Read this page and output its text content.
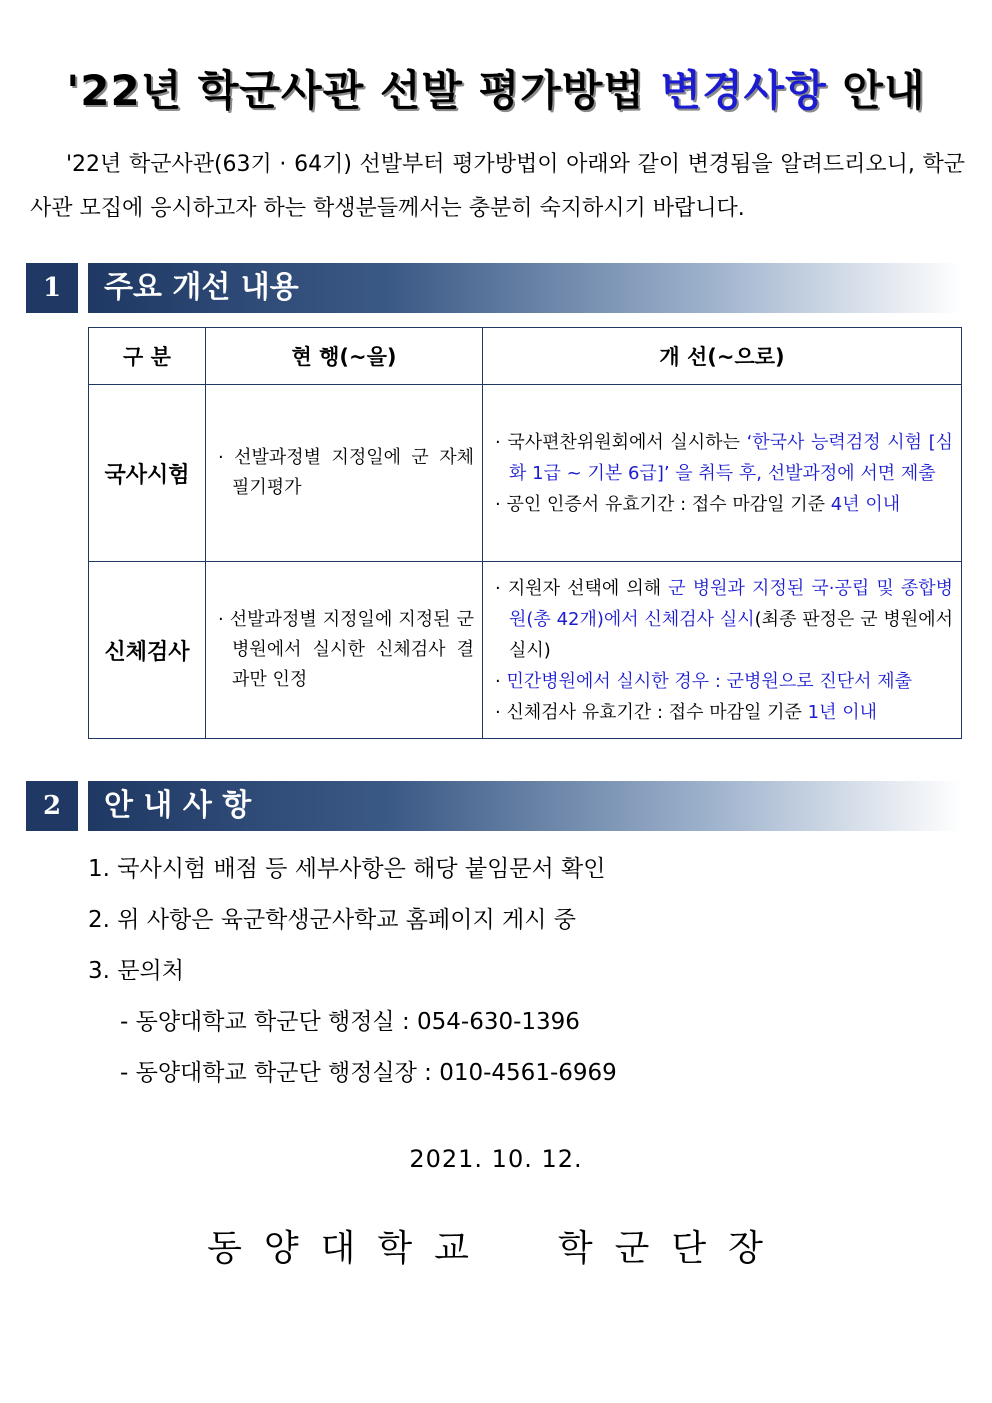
'22년 학군사관 선발 평가방법 변경사항 안내

'22년 학군사관(63기 · 64기) 선발부터 평가방법이 아래와 같이 변경됨을 알려드리오니, 학군사관 모집에 응시하고자 하는 학생분들께서는 충분히 숙지하시기 바랍니다.

1	주요 개선 내용
구 분	현 행(~을)	개 선(~으로)
국사시험	· 선발과정별 지정일에 군 자체 필기평가	· 국사편찬위원회에서 실시하는 ‘한국사 능력검정 시험 [심화 1급 ~ 기본 6급]’ 을 취득 후, 선발과정에 서면 제출
· 공인 인증서 유효기간 : 접수 마감일 기준 4년 이내

신체검사	· 선발과정별 지정일에 지정된 군 병원에서 실시한 신체검사 결과만 인정	· 지원자 선택에 의해 군 병원과 지정된 국·공립 및 종합병원(총 42개)에서 신체검사 실시(최종 판정은 군 병원에서 실시)
· 민간병원에서 실시한 경우 : 군병원으로 진단서 제출
· 신체검사 유효기간 : 접수 마감일 기준 1년 이내
2	안 내 사 항
1. 국사시험 배점 등 세부사항은 해당 붙임문서 확인
2. 위 사항은 육군학생군사학교 홈페이지 게시 중
3. 문의처
- 동양대학교 학군단 행정실 : 054-630-1396
- 동양대학교 학군단 행정실장 : 010-4561-6969
2021. 10. 12.
동양대학교  학군단장
